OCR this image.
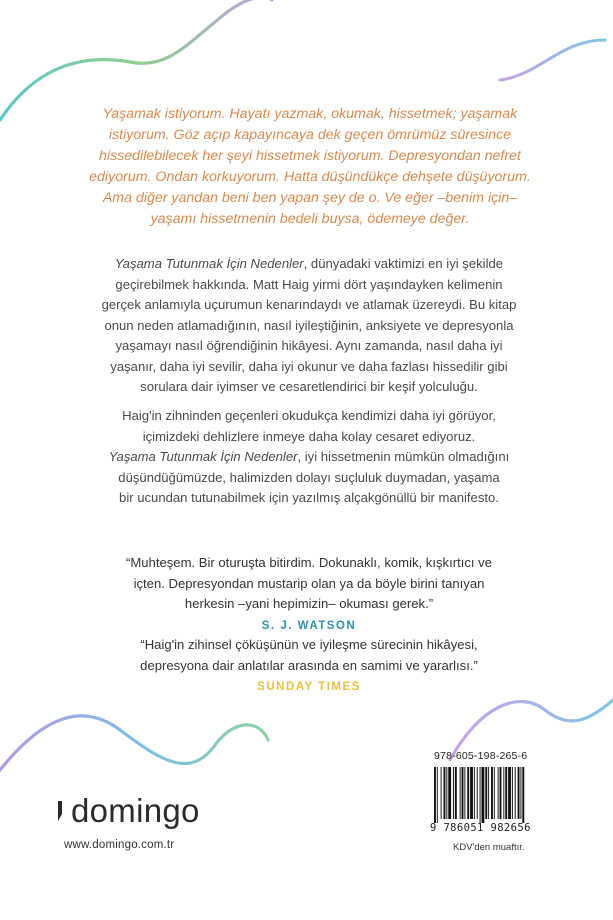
Yaşamak istiyorum. Hayatı yazmak, okumak, hissetmek; yaşamak
istiyorum. Göz açıp kapayıncaya dek geçen ömrümüz süresince
hissedilebilecek her şeyi hissetmek istiyorum. Depresyondan nefret
ediyorum. Ondan korkuyorum. Hatta düşündükçe dehşete düşüyorum.
Ama diğer yandan beni ben yapan şey de o. Ve eğer –benim için–
yaşamı hissetmenin bedeli buysa, ödemeye değer.
Yaşama Tutunmak İçin Nedenler, dünyadaki vaktimizi en iyi şekilde
geçirebilmek hakkında. Matt Haig yirmi dört yaşındayken kelimenin
gerçek anlamıyla uçurumun kenarındaydı ve atlamak üzereydi. Bu kitap
onun neden atlamadığının, nasıl iyileştiğinin, anksiyete ve depresyonla
yaşamayı nasıl öğrendiğinin hikâyesi. Aynı zamanda, nasıl daha iyi
yaşanır, daha iyi sevilir, daha iyi okunur ve daha fazlası hissedilir gibi
sorulara dair iyimser ve cesaretlendirici bir keşif yolculuğu.
Haig'in zihninden geçenleri okudukça kendimizi daha iyi görüyor,
içimizdeki dehlizlere inmeye daha kolay cesaret ediyoruz.
Yaşama Tutunmak İçin Nedenler, iyi hissetmenin mümkün olmadığını
düşündüğümüzde, halimizden dolayı suçluluk duymadan, yaşama
bir ucundan tutunabilmek için yazılmış alçakgönüllü bir manifesto.
“Muhteşem. Bir oturuşta bitirdim. Dokunaklı, komik, kışkırtıcı ve
içten. Depresyondan mustarip olan ya da böyle birini tanıyan
herkesin –yani hepimizin– okuması gerek.”
S. J. WATSON
“Haig'in zihinsel çöküşünün ve iyileşme sürecinin hikâyesi,
depresyona dair anlatılar arasında en samimi ve yararlısı.”
SUNDAY TIMES
domingo
www.domingo.com.tr
978-605-198-265-6
9 786051 982656
KDV'den muaftır.
